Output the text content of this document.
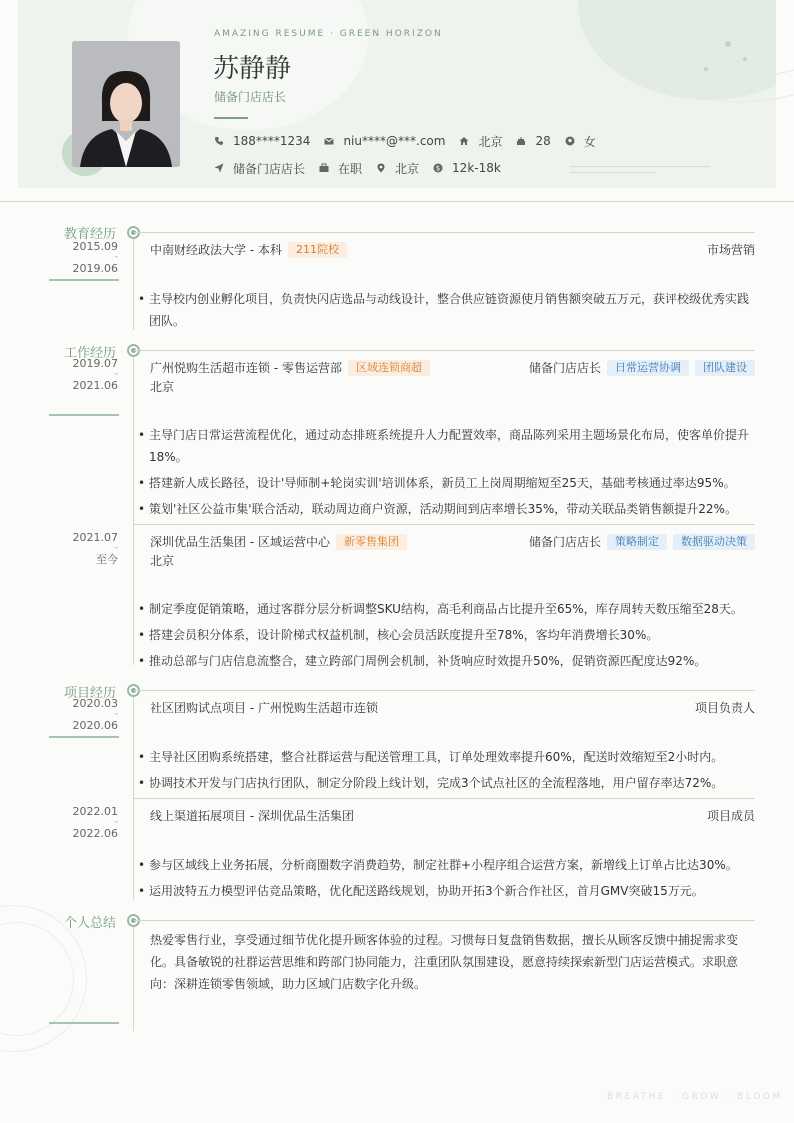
AMAZING RESUME · GREEN HORIZON
苏静静
储备门店店长
188****1234	niu****@***.com	北京	28	女
储备门店店长	在职	北京 $ 12k-18k
教育经历
2015.09
-
2019.06
中南财经政法大学 - 本科	211院校	市场营销
• 主导校内创业孵化项目，负责快闪店选品与动线设计，整合供应链资源使月销售额突破五万元，获评校级优秀实践团队。
工作经历
2019.07
-
2021.06
广州悦购生活超市连锁 - 零售运营部	区域连锁商超	储备门店店长	日常运营协调	团队建设
北京
• 主导门店日常运营流程优化，通过动态排班系统提升人力配置效率，商品陈列采用主题场景化布局，使客单价提升18%。
• 搭建新人成长路径，设计'导师制+轮岗实训'培训体系，新员工上岗周期缩短至25天，基础考核通过率达95%。
• 策划'社区公益市集'联合活动，联动周边商户资源，活动期间到店率增长35%，带动关联品类销售额提升22%。
2021.07
-
至今
深圳优品生活集团 - 区域运营中心	新零售集团	储备门店店长	策略制定	数据驱动决策
北京
• 制定季度促销策略，通过客群分层分析调整SKU结构，高毛利商品占比提升至65%，库存周转天数压缩至28天。
• 搭建会员积分体系，设计阶梯式权益机制，核心会员活跃度提升至78%，客均年消费增长30%。
• 推动总部与门店信息流整合，建立跨部门周例会机制，补货响应时效提升50%，促销资源匹配度达92%。
项目经历
2020.03
-
2020.06
社区团购试点项目 - 广州悦购生活超市连锁	项目负责人
• 主导社区团购系统搭建，整合社群运营与配送管理工具，订单处理效率提升60%，配送时效缩短至2小时内。
• 协调技术开发与门店执行团队，制定分阶段上线计划，完成3个试点社区的全流程落地，用户留存率达72%。
2022.01
-
2022.06
线上渠道拓展项目 - 深圳优品生活集团	项目成员
• 参与区域线上业务拓展，分析商圈数字消费趋势，制定社群+小程序组合运营方案，新增线上订单占比达30%。
• 运用波特五力模型评估竞品策略，优化配送路线规划，协助开拓3个新合作社区，首月GMV突破15万元。
个人总结
热爱零售行业，享受通过细节优化提升顾客体验的过程。习惯每日复盘销售数据，擅长从顾客反馈中捕捉需求变化。具备敏锐的社群运营思维和跨部门协同能力，注重团队氛围建设，愿意持续探索新型门店运营模式。求职意向：深耕连锁零售领域，助力区域门店数字化升级。
BREATHE · GROW · BLOOM
